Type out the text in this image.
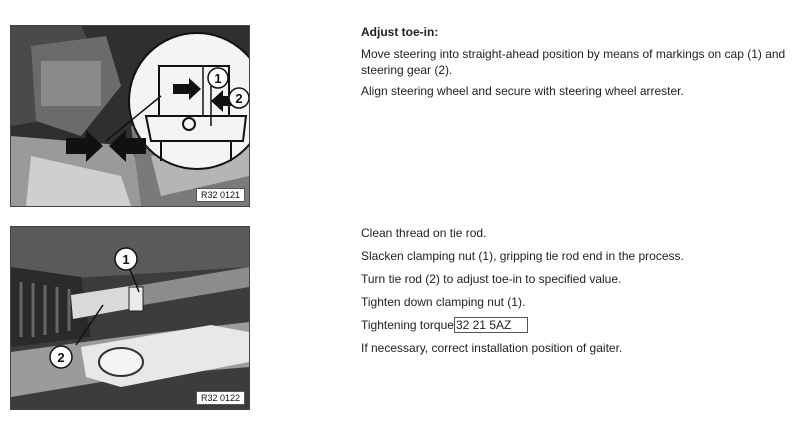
1
2
R32 0121
Adjust toe-in:
Move steering into straight-ahead position by means of markings on cap (1) and steering gear (2).
Align steering wheel and secure with steering wheel arrester.
1
2
R32 0122
Clean thread on tie rod.
Slacken clamping nut (1), gripping tie rod end in the process.
Turn tie rod (2) to adjust toe-in to specified value.
Tighten down clamping nut (1).
Tightening torque 32 21 5AZ
If necessary, correct installation position of gaiter.
